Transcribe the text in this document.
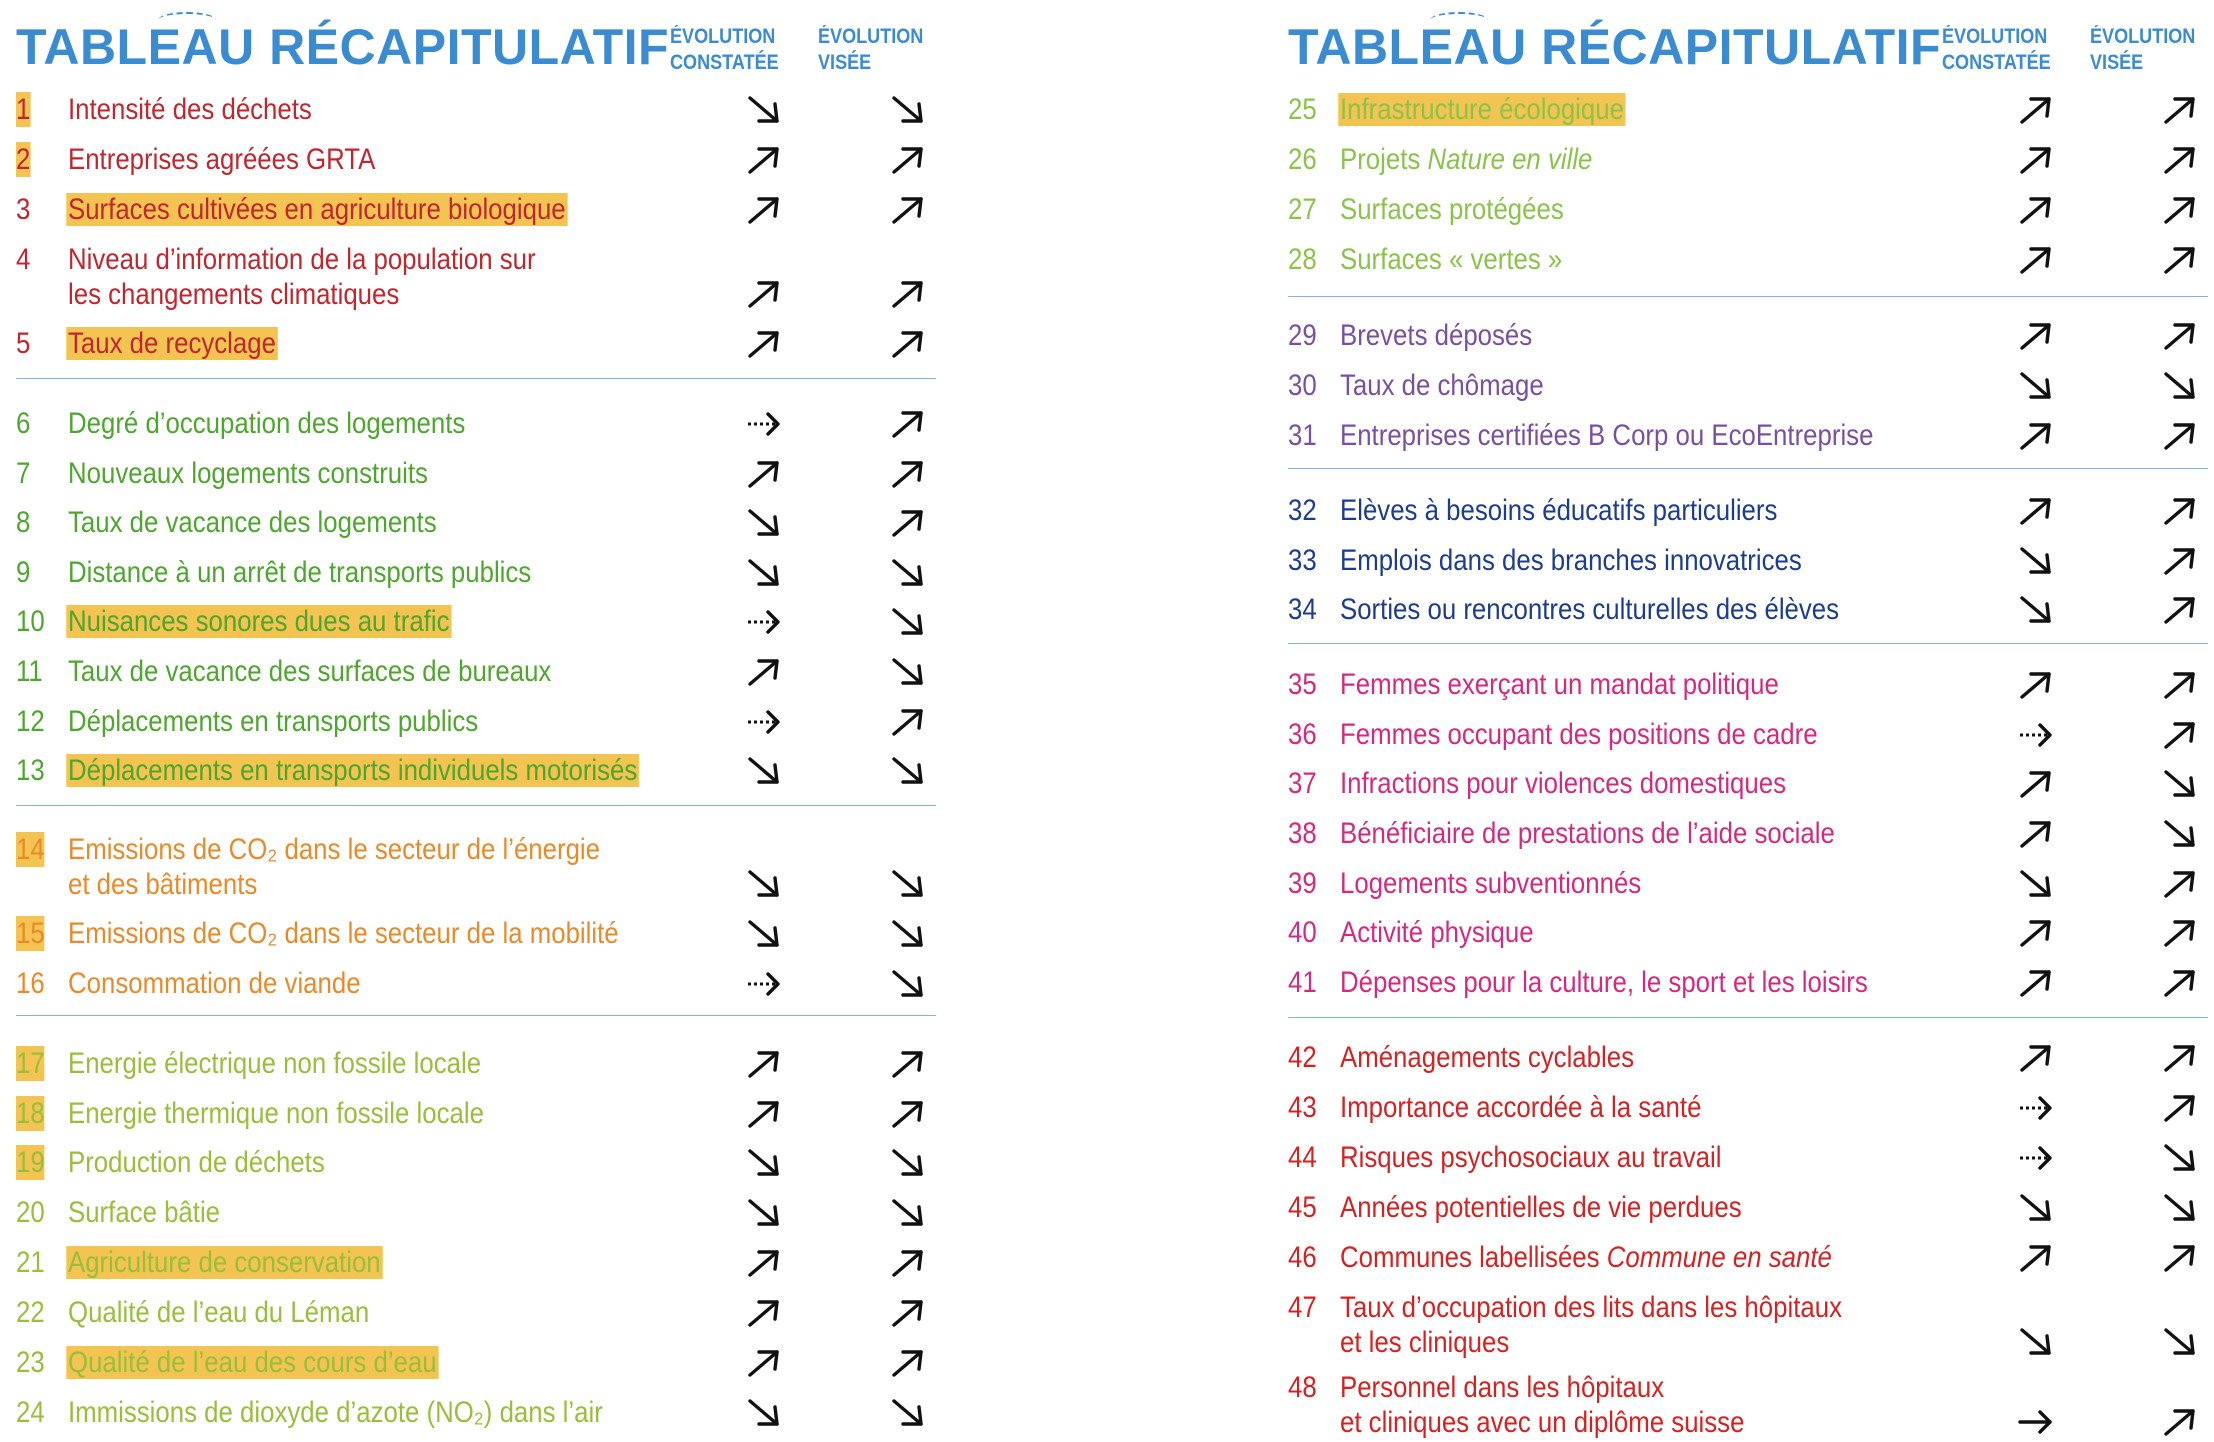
TABLEAU RÉCAPITULATIF ÉVOLUTION
CONSTATÉE
ÉVOLUTION
VISÉE
1 Intensité des déchets
2 Entreprises agréées GRTA
3 Surfaces cultivées en agriculture biologique
4 Niveau d’information de la population sur
les changements climatiques
5 Taux de recyclage
6 Degré d’occupation des logements
7 Nouveaux logements construits
8 Taux de vacance des logements
9 Distance à un arrêt de transports publics
10 Nuisances sonores dues au trafic
11 Taux de vacance des surfaces de bureaux
12 Déplacements en transports publics
13 Déplacements en transports individuels motorisés
14 Emissions de CO₂ dans le secteur de l’énergie
et des bâtiments
15 Emissions de CO₂ dans le secteur de la mobilité
16 Consommation de viande
17 Energie électrique non fossile locale
18 Energie thermique non fossile locale
19 Production de déchets
20 Surface bâtie
21 Agriculture de conservation
22 Qualité de l’eau du Léman
23 Qualité de l’eau des cours d’eau
24 Immissions de dioxyde d’azote (NO₂) dans l’air
TABLEAU RÉCAPITULATIF ÉVOLUTION
CONSTATÉE
ÉVOLUTION
VISÉE
25 Infrastructure écologique
26 Projets Nature en ville
27 Surfaces protégées
28 Surfaces « vertes »
29 Brevets déposés
30 Taux de chômage
31 Entreprises certifiées B Corp ou EcoEntreprise
32 Elèves à besoins éducatifs particuliers
33 Emplois dans des branches innovatrices
34 Sorties ou rencontres culturelles des élèves
35 Femmes exerçant un mandat politique
36 Femmes occupant des positions de cadre
37 Infractions pour violences domestiques
38 Bénéficiaire de prestations de l’aide sociale
39 Logements subventionnés
40 Activité physique
41 Dépenses pour la culture, le sport et les loisirs
42 Aménagements cyclables
43 Importance accordée à la santé
44 Risques psychosociaux au travail
45 Années potentielles de vie perdues
46 Communes labellisées Commune en santé
47 Taux d’occupation des lits dans les hôpitaux
et les cliniques
48 Personnel dans les hôpitaux
et cliniques avec un diplôme suisse
